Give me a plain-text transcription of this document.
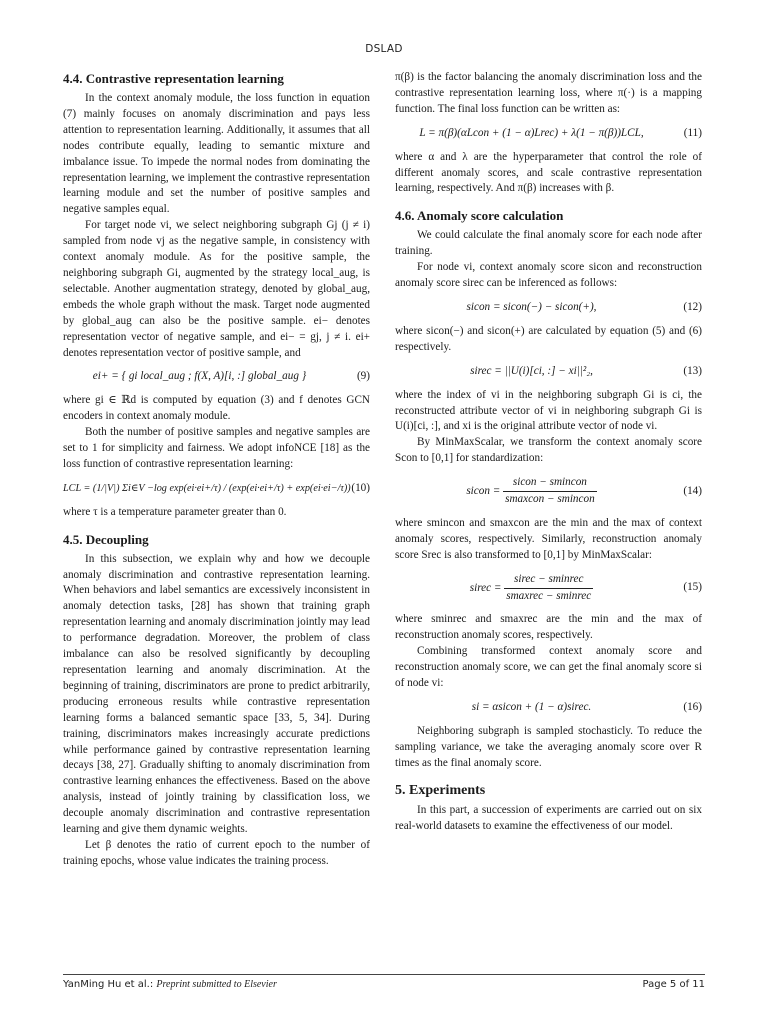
DSLAD
4.4. Contrastive representation learning

In the context anomaly module, the loss function in equation (7) mainly focuses on anomaly discrimination and pays less attention to representation learning. Additionally, it assumes that all nodes contribute equally, leading to semantic mixture and imbalance issue. To impede the normal nodes from dominating the representation learning, we implement the contrastive representation learning module and set the number of positive samples and negative samples equal.

For target node vi, we select neighboring subgraph Gj (j ≠ i) sampled from node vj as the negative sample, in consistency with context anomaly module. As for the positive sample, the neighboring subgraph Gi, augmented by the strategy local_aug, is selectable. Another augmentation strategy, denoted by global_aug, embeds the whole graph without the mask. Target node augmented by global_aug can also be the positive sample. ei− denotes representation vector of negative sample, and ei− = gj, j ≠ i. ei+ denotes representation vector of positive sample, and

ei+ = { gi local_aug ; f(X, A)[i, :] global_aug }	(9)

where gi ∈ ℝd is computed by equation (3) and f denotes GCN encoders in context anomaly module.

Both the number of positive samples and negative samples are set to 1 for simplicity and fairness. We adopt infoNCE [18] as the loss function of contrastive representation learning:

LCL = (1/|V|) Σi∈V −log exp(ei·ei+/τ) / (exp(ei·ei+/τ) + exp(ei·ei−/τ)) (10)

where τ is a temperature parameter greater than 0.

4.5. Decoupling

In this subsection, we explain why and how we decouple anomaly discrimination and contrastive representation learning. When behaviors and label semantics are excessively inconsistent in anomaly detection tasks, [28] has shown that training graph representation learning and anomaly discrimination jointly may lead to performance degradation. Moreover, the problem of class imbalance can also be resolved significantly by decoupling representation learning and anomaly discrimination. At the beginning of training, discriminators are prone to predict arbitrarily, producing erroneous results while contrastive representation learning forms a balanced semantic space [33, 5, 34]. During training, discriminators makes increasingly accurate predictions while performance gained by contrastive representation learning decays [38, 27]. Gradually shifting to anomaly discrimination from contrastive learning enhances the effectiveness. Based on the above analysis, instead of jointly training by classification loss, we decouple anomaly discrimination and contrastive representation learning and give them dynamic weights.

Let β denotes the ratio of current epoch to the number of training epochs, whose value indicates the training process.

π(β) is the factor balancing the anomaly discrimination loss and the contrastive representation learning loss, where π(·) is a mapping function. The final loss function can be written as:

L = π(β)(αLcon + (1 − α)Lrec) + λ(1 − π(β))LCL,	(11)

where α and λ are the hyperparameter that control the role of different anomaly scores, and scale contrastive representation learning, respectively. And π(β) increases with β.

4.6. Anomaly score calculation

We could calculate the final anomaly score for each node after training.

For node vi, context anomaly score sicon and reconstruction anomaly score sirec can be inferenced as follows:

sicon = sicon(−) − sicon(+),	(12)

where sicon(−) and sicon(+) are calculated by equation (5) and (6) respectively.

sirec = ||U(i)[ci, :] − xi||²₂,	(13)

where the index of vi in the neighboring subgraph Gi is ci, the reconstructed attribute vector of vi in neighboring subgraph Gi is U(i)[ci, :], and xi is the original attribute vector of node vi.

By MinMaxScalar, we transform the context anomaly score Scon to [0,1] for standardization:

sicon = $\frac{\text{sicon − smincon}}{\text{smaxcon − smincon}}$	(14)

where smincon and smaxcon are the min and the max of context anomaly scores, respectively. Similarly, reconstruction anomaly score Srec is also transformed to [0,1] by MinMaxScalar:

sirec = $\frac{\text{sirec − sminrec}}{\text{smaxrec − sminrec}}$	(15)

where sminrec and smaxrec are the min and the max of reconstruction anomaly scores, respectively.

Combining transformed context anomaly score and reconstruction anomaly score, we can get the final anomaly score si of node vi:

si = αsicon + (1 − α)sirec.	(16)

Neighboring subgraph is sampled stochasticly. To reduce the sampling variance, we take the averaging anomaly score over R times as the final anomaly score.

5. Experiments

In this part, a succession of experiments are carried out on six real-world datasets to examine the effectiveness of our model.

YanMing Hu et al.: Preprint submitted to Elsevier	Page 5 of 11
